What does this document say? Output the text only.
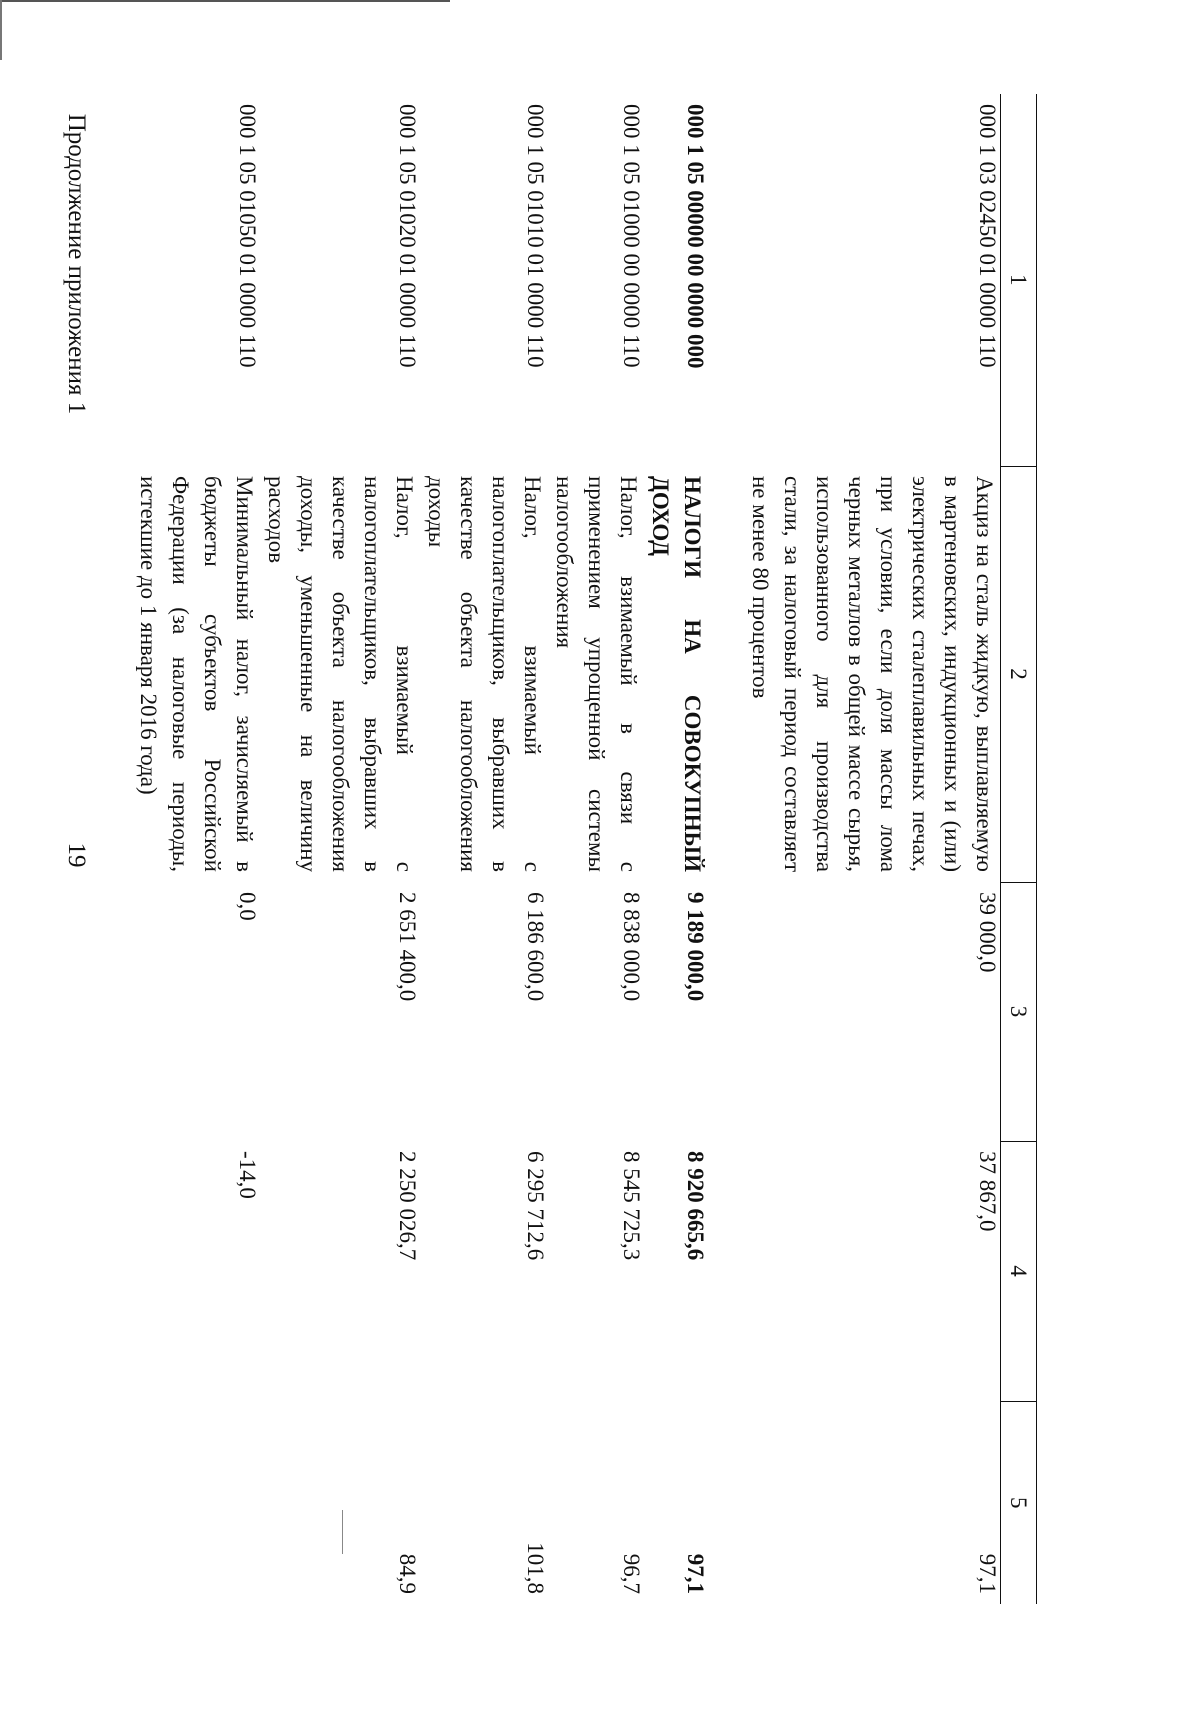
19
Продолжение приложения 1	1	2	3	4	5
000 1 03 02450 01 0000 110	Акциз на сталь жидкую, выплавляемую в мартеновских, индукционных и (или) электрических сталеплавильных печах, при условии, если доля массы лома черных металлов в общей массе сырья, использованного для производства стали, за налоговый период составляет не менее 80 процентов	39 000,0	37 867,0	97,1
000 1 05 00000 00 0000 000	НАЛОГИ НА СОВОКУПНЫЙ ДОХОД	9 189 000,0	8 920 665,6	97,1
000 1 05 01000 00 0000 110	Налог, взимаемый в связи с применением упрощенной системы налогообложения	8 838 000,0	8 545 725,3	96,7
000 1 05 01010 01 0000 110	Налог, взимаемый с налогоплательщиков, выбравших в качестве объекта налогообложения доходы	6 186 600,0	6 295 712,6	101,8
000 1 05 01020 01 0000 110	Налог, взимаемый с налогоплательщиков, выбравших в качестве объекта налогообложения доходы, уменьшенные на величину расходов	2 651 400,0	2 250 026,7	84,9
000 1 05 01050 01 0000 110	Минимальный налог, зачисляемый в бюджеты субъектов Российской Федерации (за налоговые периоды, истекшие до 1 января 2016 года)	0,0	-14,0	
